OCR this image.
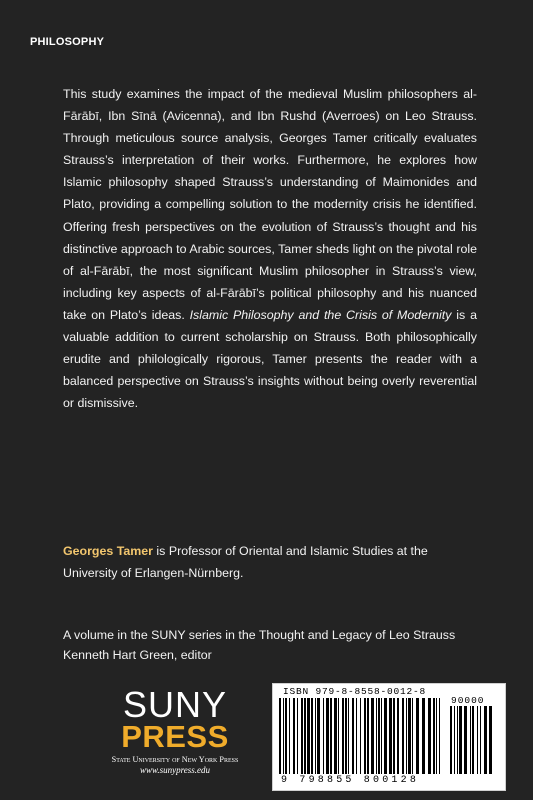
PHILOSOPHY
This study examines the impact of the medieval Muslim philosophers al-Fārābī, Ibn Sīnā (Avicenna), and Ibn Rushd (Averroes) on Leo Strauss. Through meticulous source analysis, Georges Tamer critically evaluates Strauss’s interpretation of their works. Furthermore, he explores how Islamic philosophy shaped Strauss’s understanding of Maimonides and Plato, providing a compelling solution to the modernity crisis he identified. Offering fresh perspectives on the evolution of Strauss’s thought and his distinctive approach to Arabic sources, Tamer sheds light on the pivotal role of al-Fārābī, the most significant Muslim philosopher in Strauss’s view, including key aspects of al-Fārābī’s political philosophy and his nuanced take on Plato’s ideas. Islamic Philosophy and the Crisis of Modernity is a valuable addition to current scholarship on Strauss. Both philosophically erudite and philologically rigorous, Tamer presents the reader with a balanced perspective on Strauss’s insights without being overly reverential or dismissive.
Georges Tamer is Professor of Oriental and Islamic Studies at the University of Erlangen-Nürnberg.
A volume in the SUNY series in the Thought and Legacy of Leo Strauss
Kenneth Hart Green, editor
SUNY
PRESS
State University of New York Press
www.sunypress.edu
ISBN 979-8-8558-0012-8
90000
9 798855 800128
